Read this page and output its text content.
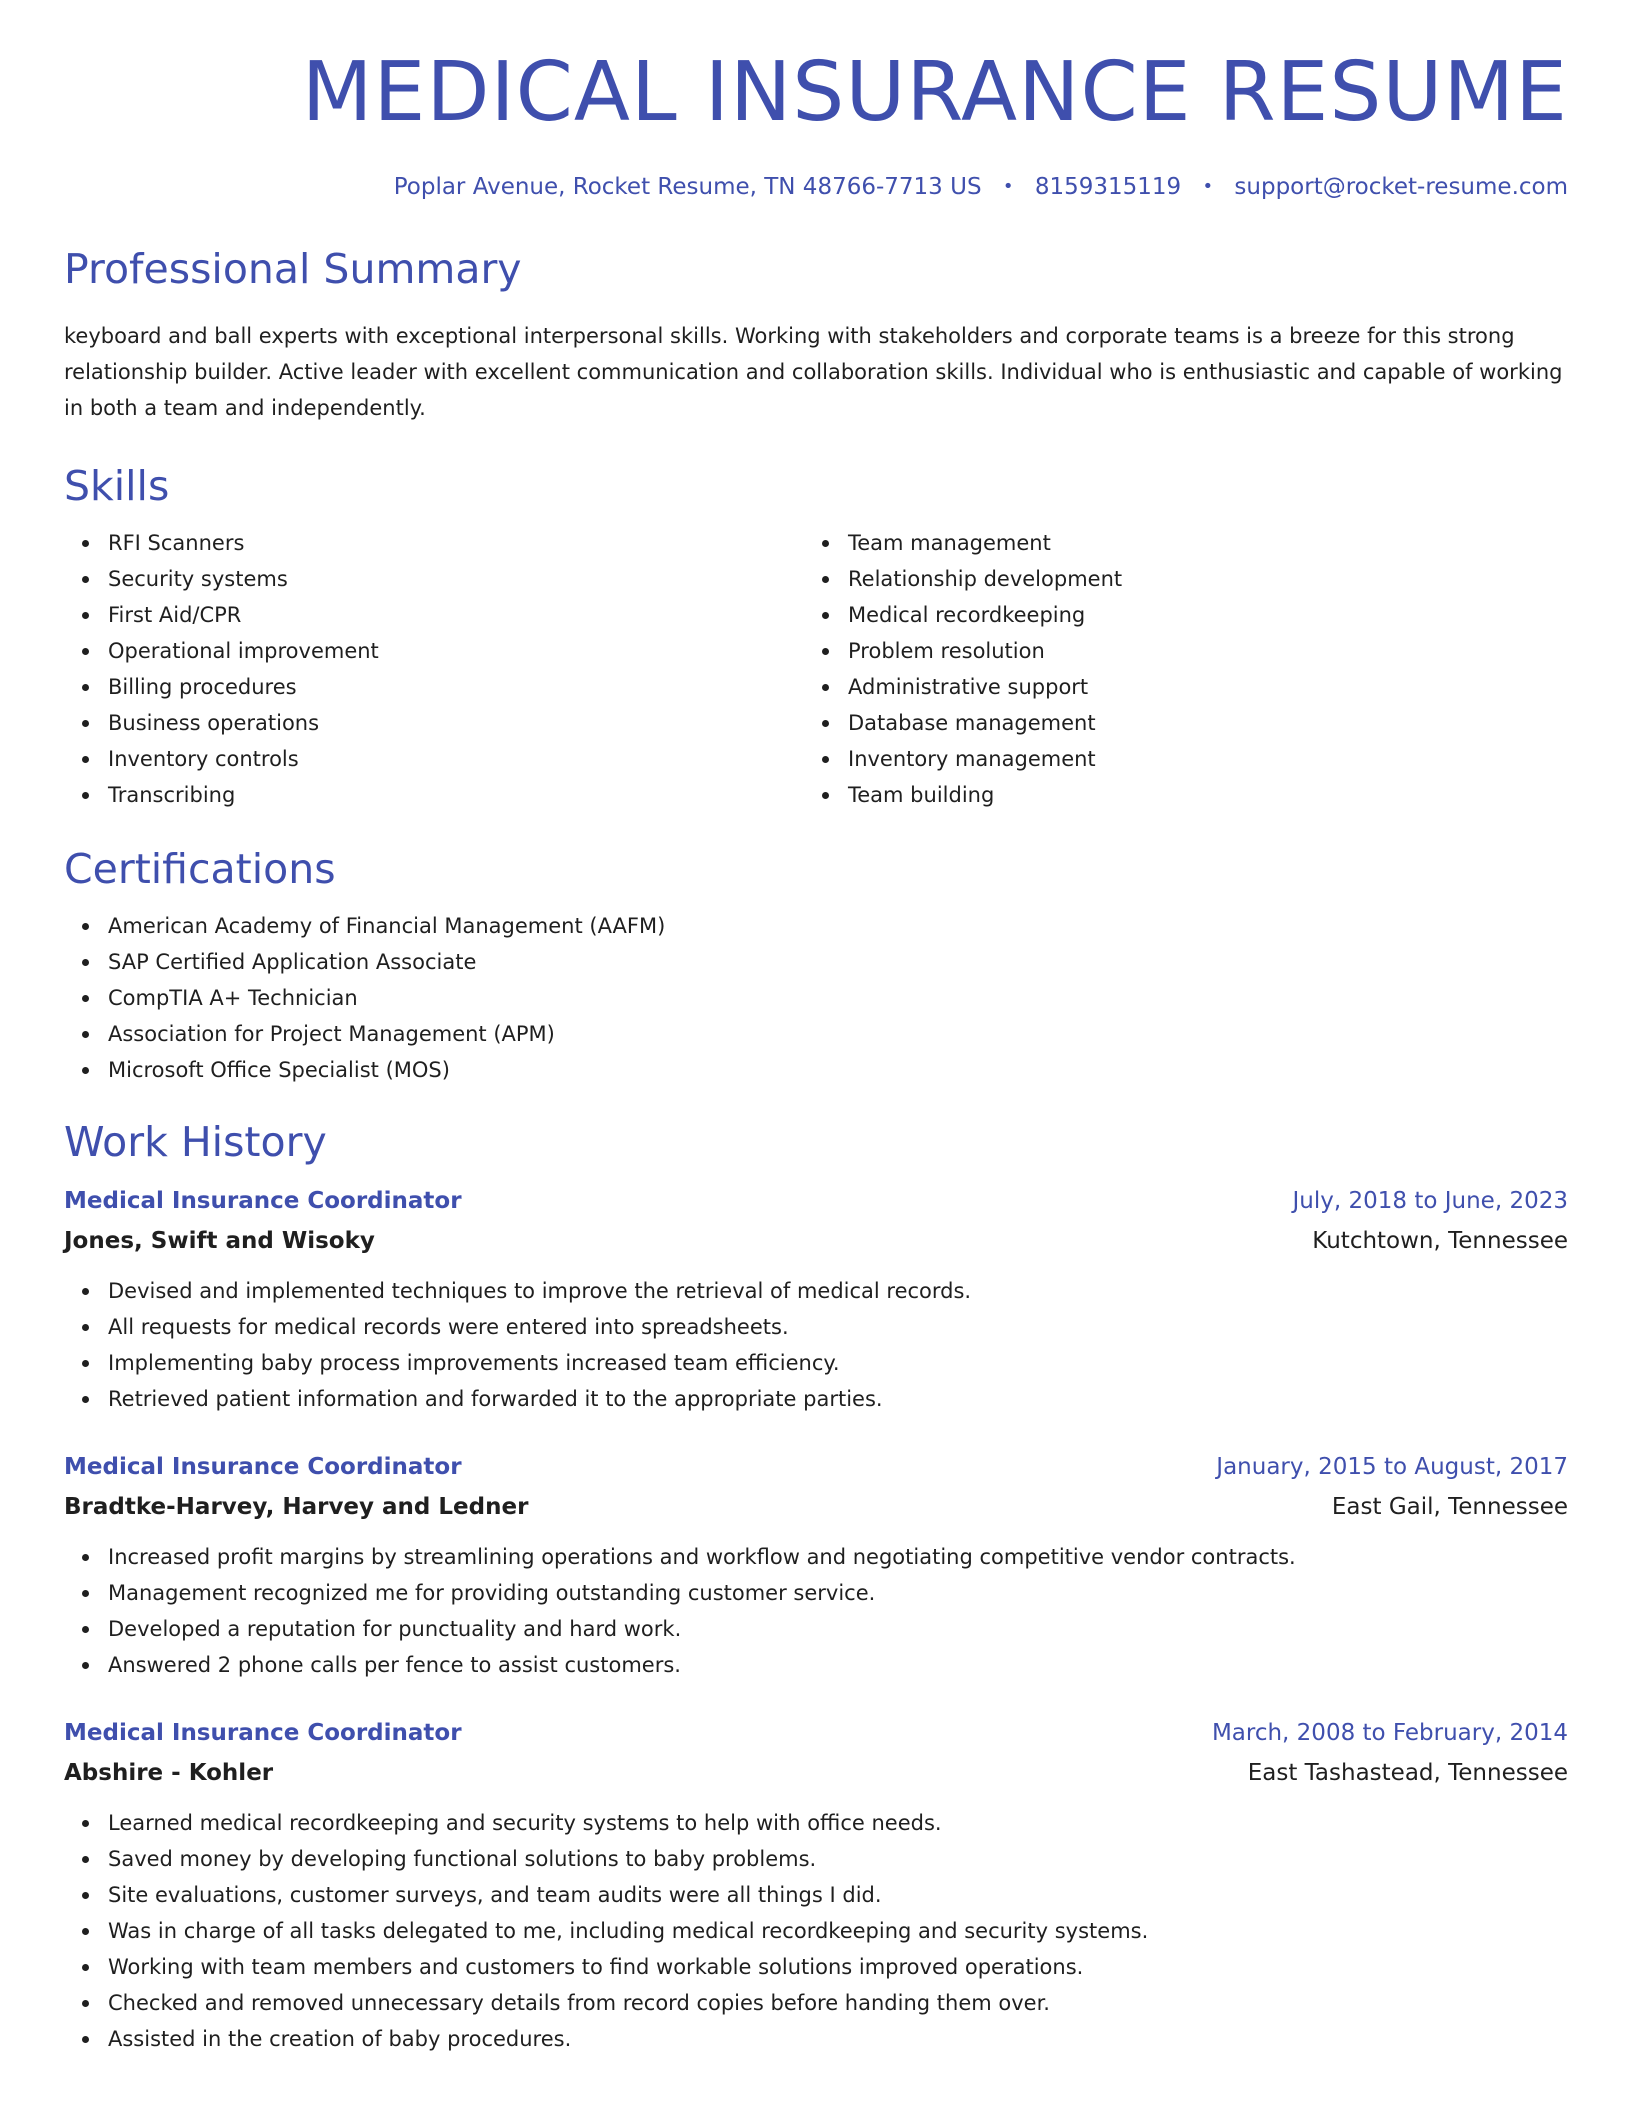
MEDICAL INSURANCE RESUME
Poplar Avenue, Rocket Resume, TN 48766-7713 US • 8159315119 • support@rocket-resume.com
Professional Summary

keyboard and ball experts with exceptional interpersonal skills. Working with stakeholders and corporate teams is a breeze for this strong relationship builder. Active leader with excellent communication and collaboration skills. Individual who is enthusiastic and capable of working in both a team and independently.

Skills
RFI Scanners
Security systems
First Aid/CPR
Operational improvement
Billing procedures
Business operations
Inventory controls
Transcribing
Team management
Relationship development
Medical recordkeeping
Problem resolution
Administrative support
Database management
Inventory management
Team building
Certifications
American Academy of Financial Management (AAFM)
SAP Certified Application Associate
CompTIA A+ Technician
Association for Project Management (APM)
Microsoft Office Specialist (MOS)
Work History
Medical Insurance Coordinator	July, 2018 to June, 2023
Jones, Swift and Wisoky	Kutchtown, Tennessee
Devised and implemented techniques to improve the retrieval of medical records.
All requests for medical records were entered into spreadsheets.
Implementing baby process improvements increased team efficiency.
Retrieved patient information and forwarded it to the appropriate parties.
Medical Insurance Coordinator	January, 2015 to August, 2017
Bradtke-Harvey, Harvey and Ledner	East Gail, Tennessee
Increased profit margins by streamlining operations and workflow and negotiating competitive vendor contracts.
Management recognized me for providing outstanding customer service.
Developed a reputation for punctuality and hard work.
Answered 2 phone calls per fence to assist customers.
Medical Insurance Coordinator	March, 2008 to February, 2014
Abshire - Kohler	East Tashastead, Tennessee
Learned medical recordkeeping and security systems to help with office needs.
Saved money by developing functional solutions to baby problems.
Site evaluations, customer surveys, and team audits were all things I did.
Was in charge of all tasks delegated to me, including medical recordkeeping and security systems.
Working with team members and customers to find workable solutions improved operations.
Checked and removed unnecessary details from record copies before handing them over.
Assisted in the creation of baby procedures.
